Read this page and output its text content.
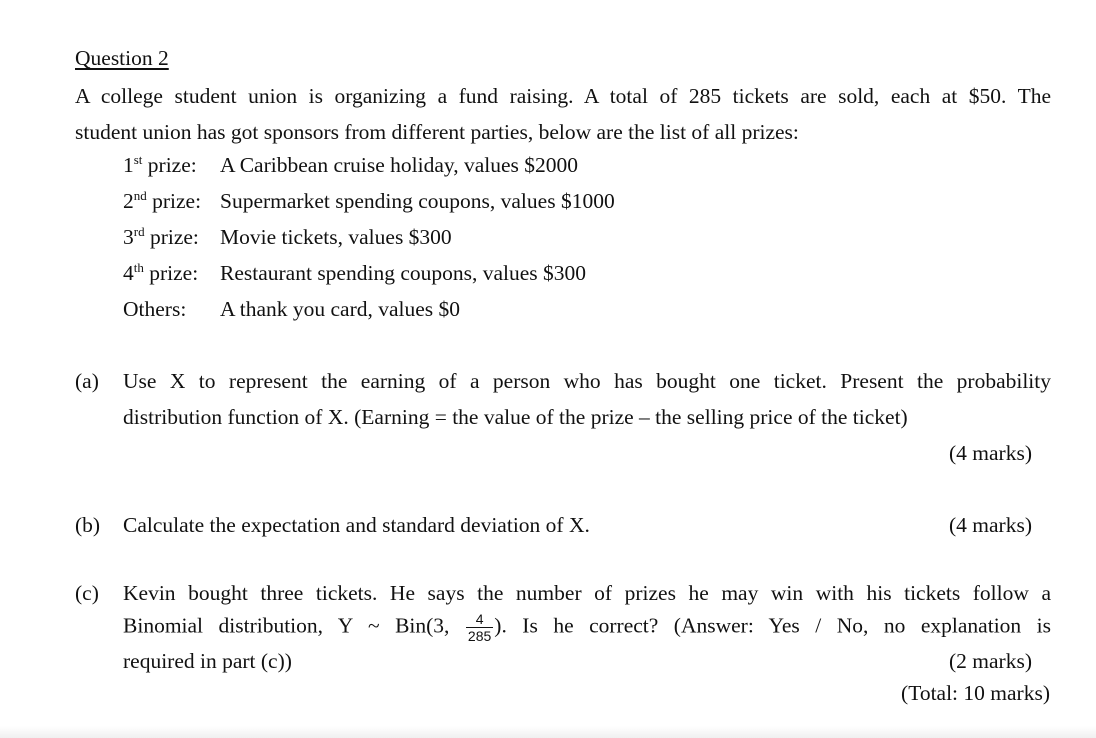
Question 2
A college student union is organizing a fund raising. A total of 285 tickets are sold, each at $50. The
student union has got sponsors from different parties, below are the list of all prizes:
1st prize: A Caribbean cruise holiday, values $2000
2nd prize: Supermarket spending coupons, values $1000
3rd prize: Movie tickets, values $300
4th prize: Restaurant spending coupons, values $300
Others: A thank you card, values $0
(a) Use X to represent the earning of a person who has bought one ticket. Present the probability
distribution function of X. (Earning = the value of the prize – the selling price of the ticket)
(4 marks)
(b) Calculate the expectation and standard deviation of X.	(4 marks)
(c) Kevin bought three tickets. He says the number of prizes he may win with his tickets follow a
Binomial distribution, Y ~ Bin(3, $\frac{4}{285}$ ). Is he correct? (Answer: Yes / No, no explanation is
required in part (c))	(2 marks)
(Total: 10 marks)
